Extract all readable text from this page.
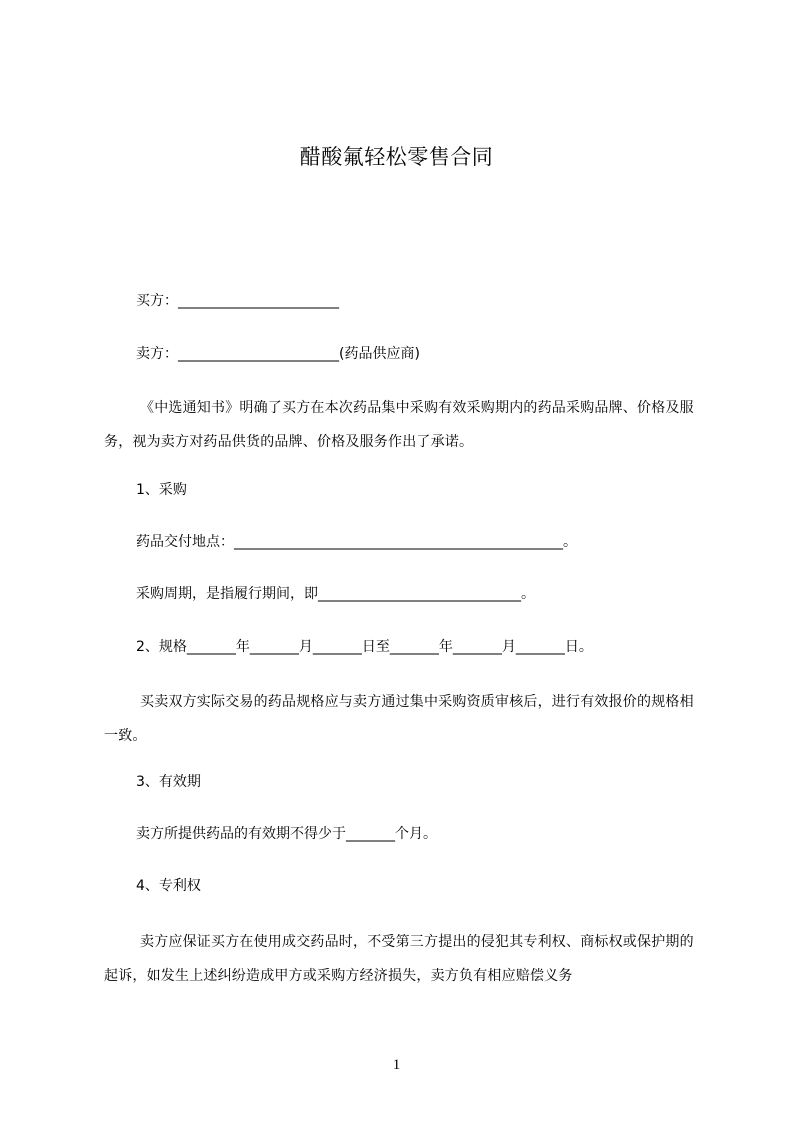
醋酸氟轻松零售合同
买方：_______________________
卖方：_______________________(药品供应商)
《中选通知书》明确了买方在本次药品集中采购有效采购期内的药品采购品牌、价格及服务，视为卖方对药品供货的品牌、价格及服务作出了承诺。
1、采购
药品交付地点：_______________________________________________。
采购周期，是指履行期间，即_____________________________。
2、规格_______年_______月_______日至_______年_______月_______日。
买卖双方实际交易的药品规格应与卖方通过集中采购资质审核后，进行有效报价的规格相一致。
3、有效期
卖方所提供药品的有效期不得少于_______个月。
4、专利权
卖方应保证买方在使用成交药品时，不受第三方提出的侵犯其专利权、商标权或保护期的起诉，如发生上述纠纷造成甲方或采购方经济损失，卖方负有相应赔偿义务
1
